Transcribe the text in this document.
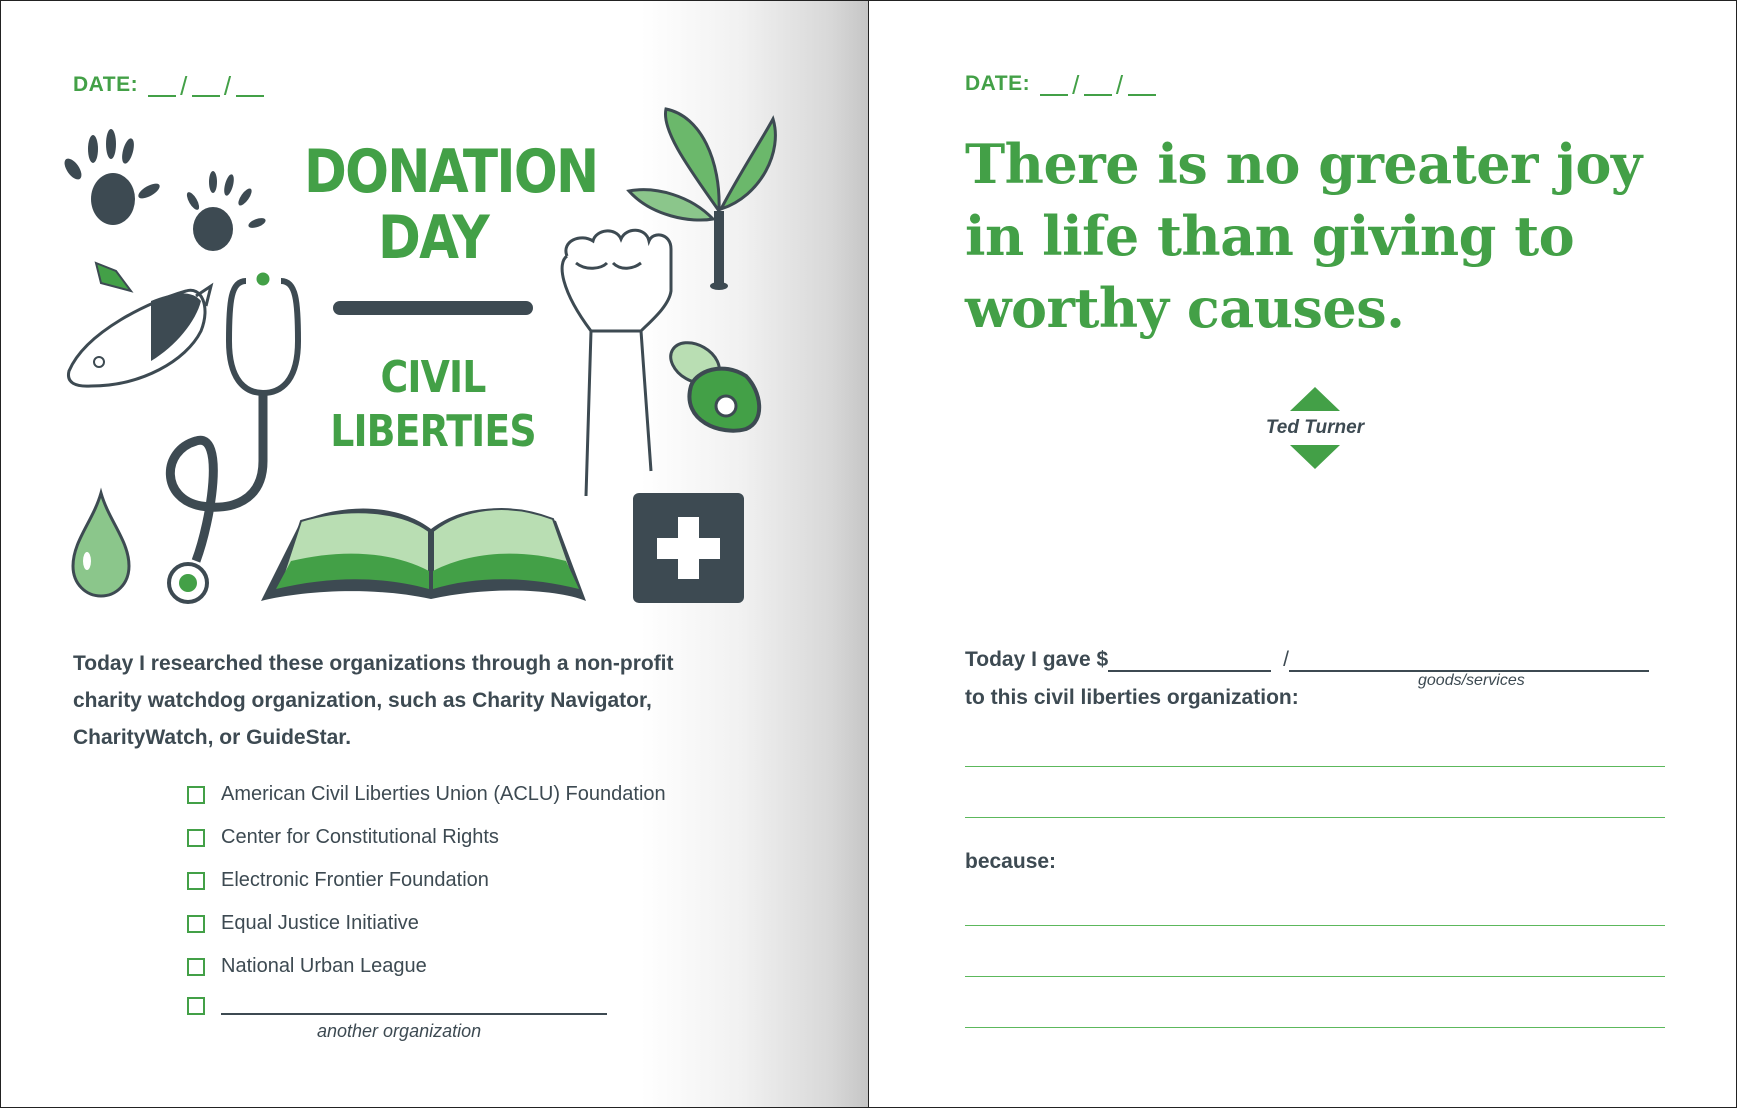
DATE: / /
DONATION DAY
CIVIL LIBERTIES
Today I researched these organizations through a non-profit charity watchdog organization, such as Charity Navigator, CharityWatch, or GuideStar.
American Civil Liberties Union (ACLU) Foundation
Center for Constitutional Rights
Electronic Frontier Foundation
Equal Justice Initiative
National Urban League
another organization
DATE: / /

There is no greater joy in life than giving to worthy causes.

Ted Turner
Today I gave $	/
goods/services
to this civil liberties organization:
because:
